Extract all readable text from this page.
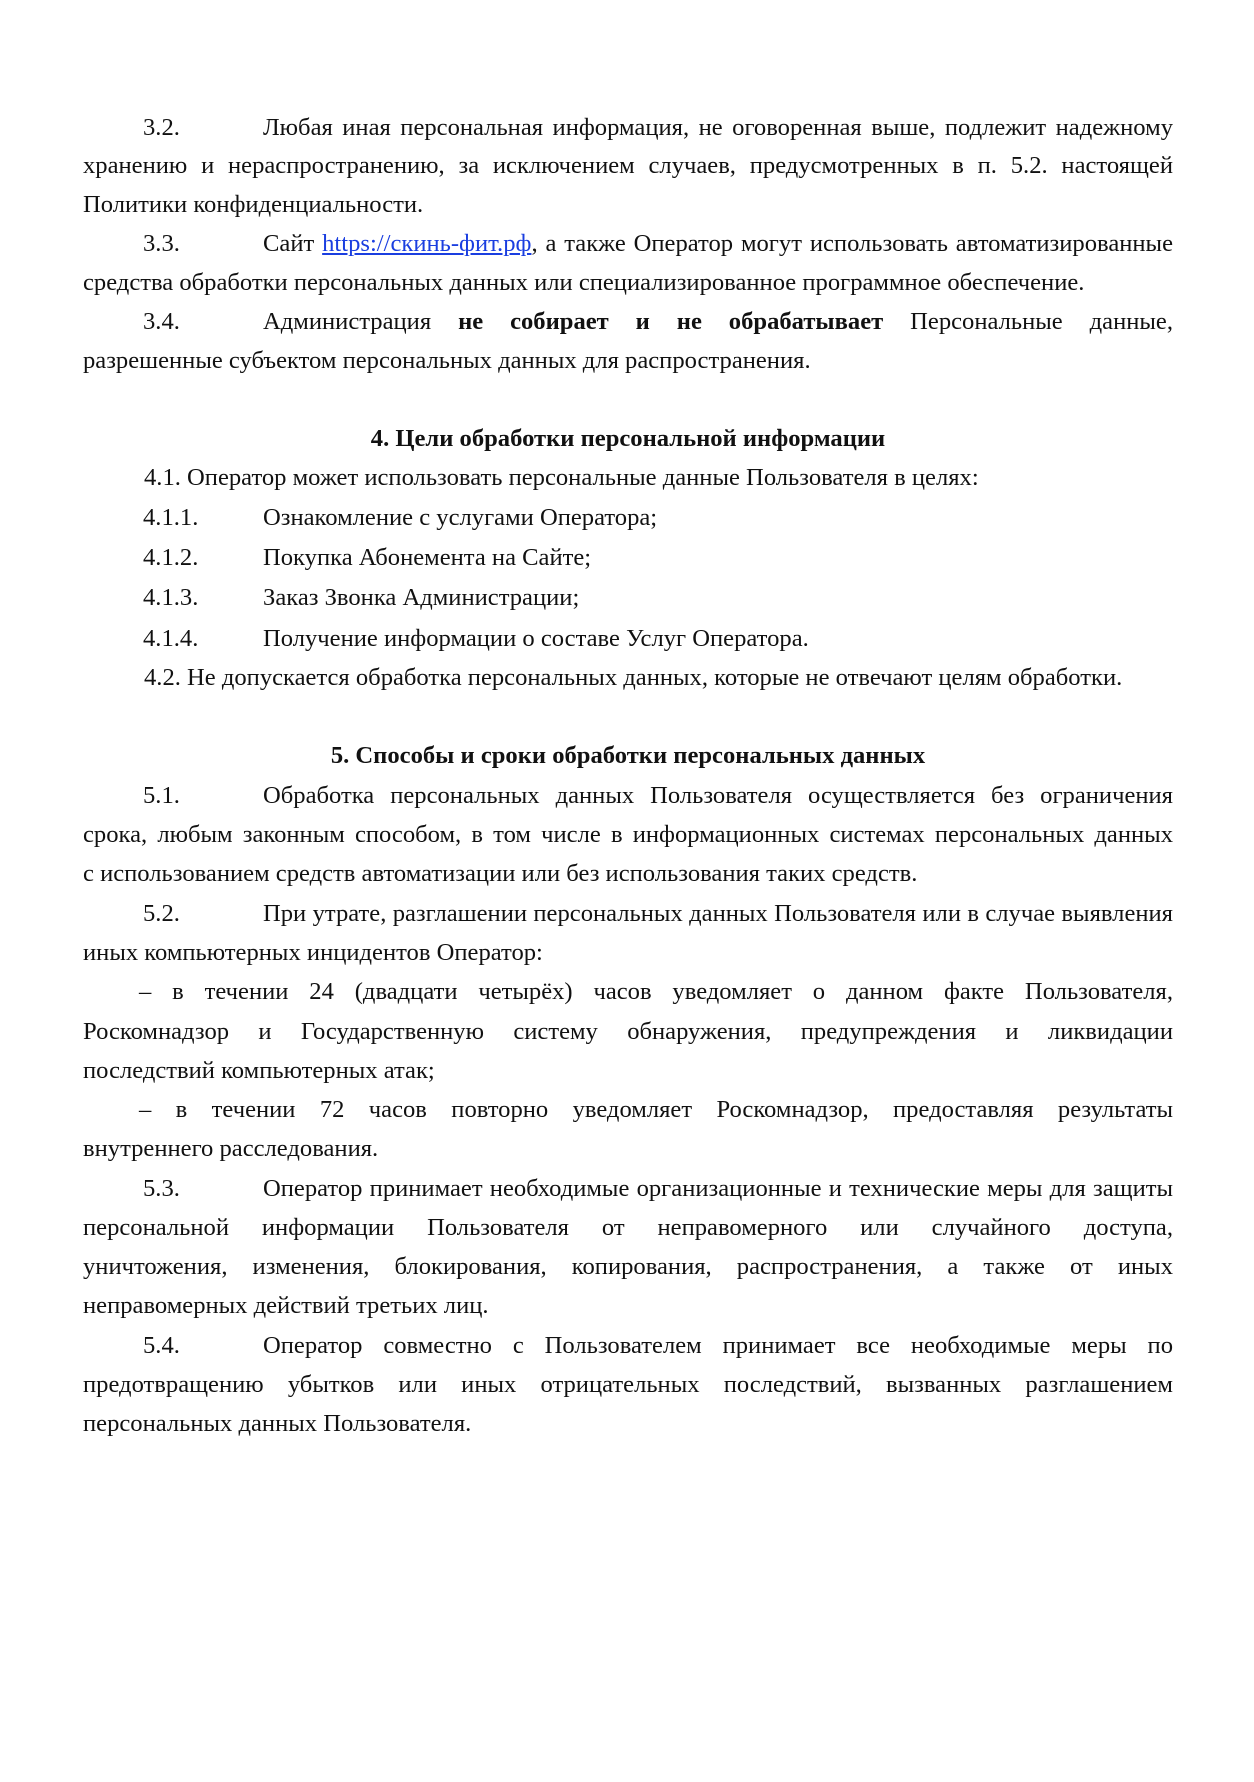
3.2.	Любая иная персональная информация, не оговоренная выше, подлежит надежному
хранению и нераспространению, за исключением случаев, предусмотренных в п. 5.2. настоящей
Политики конфиденциальности.
3.3.	Сайт https://скинь-фит.рф, а также Оператор могут использовать автоматизированные
средства обработки персональных данных или специализированное программное обеспечение.
3.4.	Администрация не собирает и не обрабатывает Персональные данные,
разрешенные субъектом персональных данных для распространения.
4. Цели обработки персональной информации
4.1. Оператор может использовать персональные данные Пользователя в целях:
4.1.1.	Ознакомление с услугами Оператора;
4.1.2.	Покупка Абонемента на Сайте;
4.1.3.	Заказ Звонка Администрации;
4.1.4.	Получение информации о составе Услуг Оператора.
4.2. Не допускается обработка персональных данных, которые не отвечают целям обработки.
5. Способы и сроки обработки персональных данных
5.1.	Обработка персональных данных Пользователя осуществляется без ограничения
срока, любым законным способом, в том числе в информационных системах персональных данных
с использованием средств автоматизации или без использования таких средств.
5.2.	При утрате, разглашении персональных данных Пользователя или в случае выявления
иных компьютерных инцидентов Оператор:
‒ в течении 24 (двадцати четырёх) часов уведомляет о данном факте Пользователя,
Роскомнадзор и Государственную систему обнаружения, предупреждения и ликвидации
последствий компьютерных атак;
‒ в течении 72 часов повторно уведомляет Роскомнадзор, предоставляя результаты
внутреннего расследования.
5.3.	Оператор принимает необходимые организационные и технические меры для защиты
персональной информации Пользователя от неправомерного или случайного доступа,
уничтожения, изменения, блокирования, копирования, распространения, а также от иных
неправомерных действий третьих лиц.
5.4.	Оператор совместно с Пользователем принимает все необходимые меры по
предотвращению убытков или иных отрицательных последствий, вызванных разглашением
персональных данных Пользователя.
